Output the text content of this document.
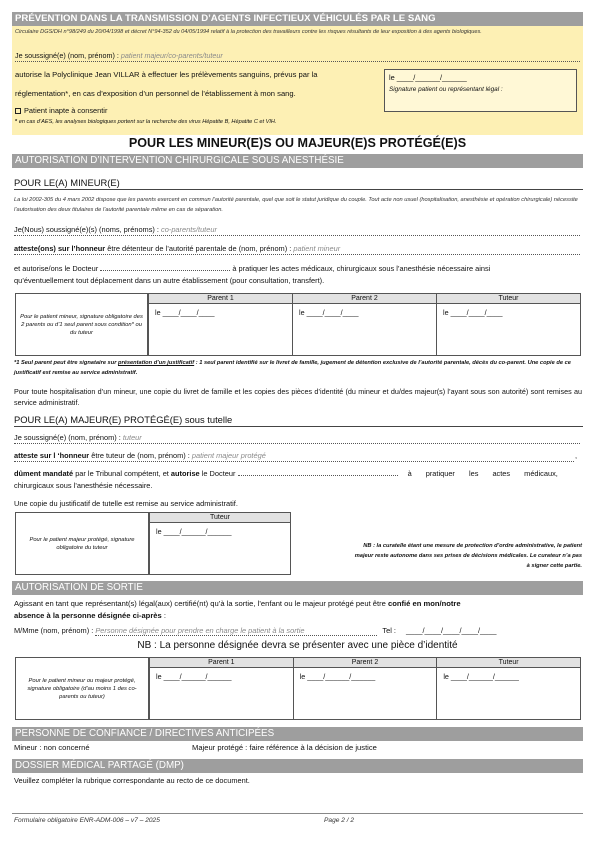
PRÉVENTION DANS LA TRANSMISSION D’AGENTS INFECTIEUX VÉHICULÉS PAR LE SANG
Circulaire DGS/DH n°98/249 du 20/04/1998 et décret N°94-352 du 04/05/1994 relatif à la protection des travailleurs contre les risques résultants de leur exposition à des agents biologiques.
Je soussigné(e) (nom, prénom) : patient majeur/co-parents/tuteur
autorise la Polyclinique Jean VILLAR à effectuer les prélèvements sanguins, prévus par la
réglementation*, en cas d’exposition d’un personnel de l’établissement à mon sang.
Patient inapte à consentir
* en cas d’AES, les analyses biologiques portent sur la recherche des virus Hépatite B, Hépatite C et VIH.
le ____/______/______
Signature patient ou représentant légal :
POUR LES MINEUR(E)S OU MAJEUR(E)S PROTÉGÉ(E)S
AUTORISATION D’INTERVENTION CHIRURGICALE SOUS ANESTHÉSIE
POUR LE(A) MINEUR(E)
La loi 2002-305 du 4 mars 2002 dispose que les parents exercent en commun l’autorité parentale, quel que soit le statut juridique du couple. Tout acte non usuel (hospitalisation, anesthésie et opération chirurgicale) nécessite l’autorisation des deux titulaires de l’autorité parentale même en cas de séparation.
Je(Nous) soussigné(e)(s) (noms, prénoms) : co-parents/tuteur
atteste(ons) sur l’honneur être détenteur de l’autorité parentale de (nom, prénom) : patient mineur
et autorise/ons le Docteur	à pratiquer les actes médicaux, chirurgicaux sous l’anesthésie nécessaire ainsi
qu’éventuellement tout déplacement dans un autre établissement (pour consultation, transfert).
Pour le patient mineur, signature obligatoire des 2 parents ou d’1 seul parent sous condition* ou du tuteur
Parent 1	Parent 2	Tuteur
le ____/____/____	le ____/____/____	le ____/____/____
*1 Seul parent peut être signataire sur présentation d’un justificatif : 1 seul parent identifié sur le livret de famille, jugement de détention exclusive de l’autorité parentale, décès du co-parent. Une copie de ce justificatif est remise au service administratif.
Pour toute hospitalisation d’un mineur, une copie du livret de famille et les copies des pièces d’identité (du mineur et du/des majeur(s) l’ayant sous son autorité) sont remises au service administratif.
POUR LE(A) MAJEUR(E) PROTÉGÉ(E) sous tutelle
Je soussigné(e) (nom, prénom) : tuteur
atteste sur l ‘honneur être tuteur de (nom, prénom) : patient majeur protégé	,
dûment mandaté par le Tribunal compétent, et autorise le Docteur	à pratiquer les actes médicaux,
chirurgicaux sous l’anesthésie nécessaire.
Une copie du justificatif de tutelle est remise au service administratif.
Pour le patient majeur protégé, signature obligatoire du tuteur
Tuteur
le ____/______/______
NB : la curatelle étant une mesure de protection d’ordre administrative, le patient majeur reste autonome dans ses prises de décisions médicales. Le curateur n’a pas à signer cette partie.
AUTORISATION DE SORTIE
Agissant en tant que représentant(s) légal(aux) certifié(nt) qu’à la sortie, l’enfant ou le majeur protégé peut être confié en mon/notre
absence à la personne désignée ci-après :
M/Mme (nom, prénom) : Personne désignée pour prendre en charge le patient à la sortie	Tel : ____/____/____/____/____
NB : La personne désignée devra se présenter avec une pièce d’identité
Pour le patient mineur ou majeur protégé, signature obligatoire (d’au moins 1 des co-parents ou tuteur)
Parent 1	Parent 2	Tuteur
le ____/______/______	le ____/______/______	le ____/______/______
PERSONNE DE CONFIANCE / DIRECTIVES ANTICIPÉES
Mineur : non concerné	Majeur protégé : faire référence à la décision de justice
DOSSIER MÉDICAL PARTAGÉ (DMP)
Veuillez compléter la rubrique correspondante au recto de ce document.
Formulaire obligatoire ENR-ADM-006 – v7 – 2025	Page 2 / 2
